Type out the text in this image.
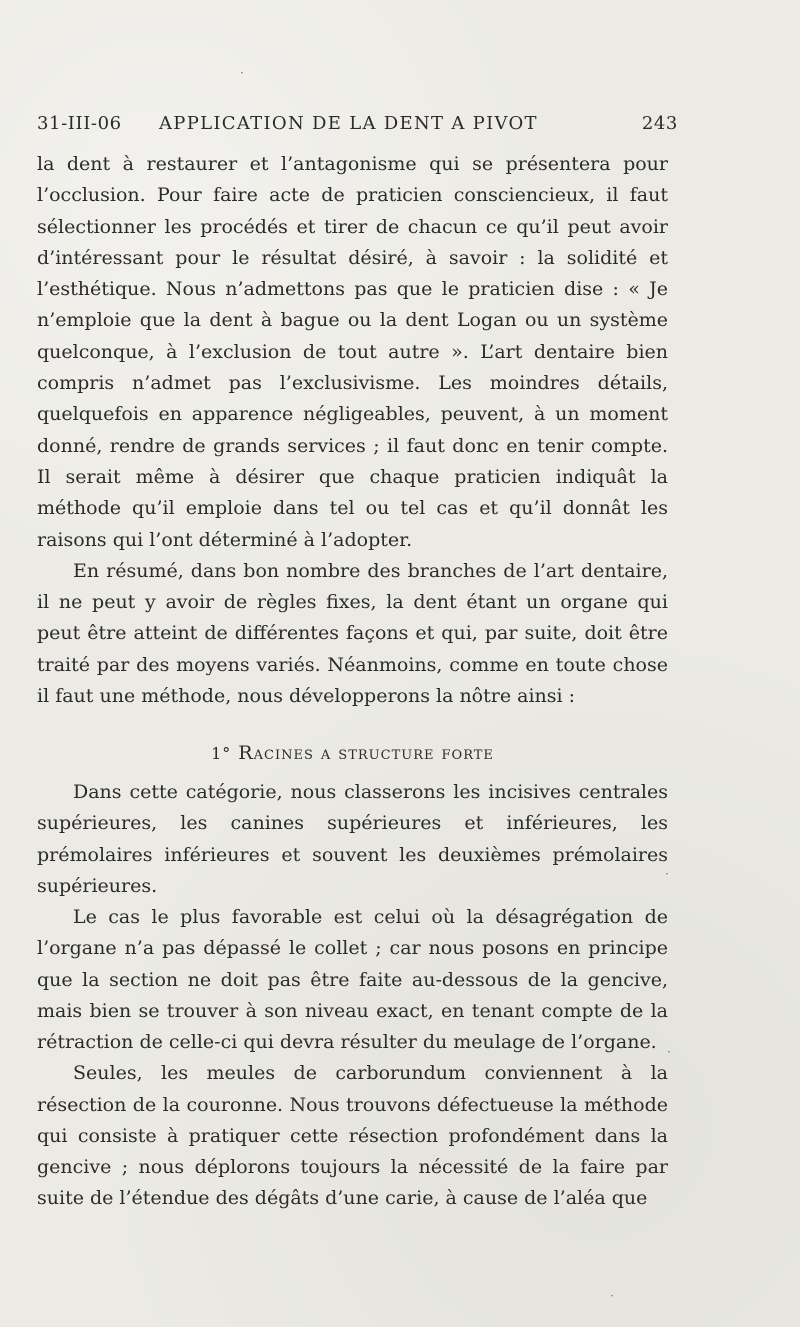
31-III-06 APPLICATION DE LA DENT A PIVOT	243

la dent à restaurer et l’antagonisme qui se présentera pour l’occlusion. Pour faire acte de praticien consciencieux, il faut sélectionner les procédés et tirer de chacun ce qu’il peut avoir d’intéressant pour le résultat désiré, à savoir : la solidité et l’esthétique. Nous n’admettons pas que le praticien dise : « Je n’emploie que la dent à bague ou la dent Logan ou un système quelconque, à l’exclusion de tout autre ». L’art dentaire bien compris n’admet pas l’exclusivisme. Les moindres détails, quelquefois en apparence négligeables, peuvent, à un moment donné, rendre de grands services ; il faut donc en tenir compte. Il serait même à désirer que chaque praticien indiquât la méthode qu’il emploie dans tel ou tel cas et qu’il donnât les raisons qui l’ont déterminé à l’adopter.

En résumé, dans bon nombre des branches de l’art dentaire, il ne peut y avoir de règles fixes, la dent étant un organe qui peut être atteint de différentes façons et qui, par suite, doit être traité par des moyens variés. Néanmoins, comme en toute chose il faut une méthode, nous développerons la nôtre ainsi :

1° Racines a structure forte

Dans cette catégorie, nous classerons les incisives centrales supérieures, les canines supérieures et inférieures, les prémolaires inférieures et souvent les deuxièmes prémolaires supérieures.

Le cas le plus favorable est celui où la désagrégation de l’organe n’a pas dépassé le collet ; car nous posons en principe que la section ne doit pas être faite au-dessous de la gencive, mais bien se trouver à son niveau exact, en tenant compte de la rétraction de celle-ci qui devra résulter du meulage de l’organe.

Seules, les meules de carborundum conviennent à la résection de la couronne. Nous trouvons défectueuse la méthode qui consiste à pratiquer cette résection profondément dans la gencive ; nous déplorons toujours la nécessité de la faire par suite de l’étendue des dégâts d’une carie, à cause de l’aléa que

·
·
·
·
